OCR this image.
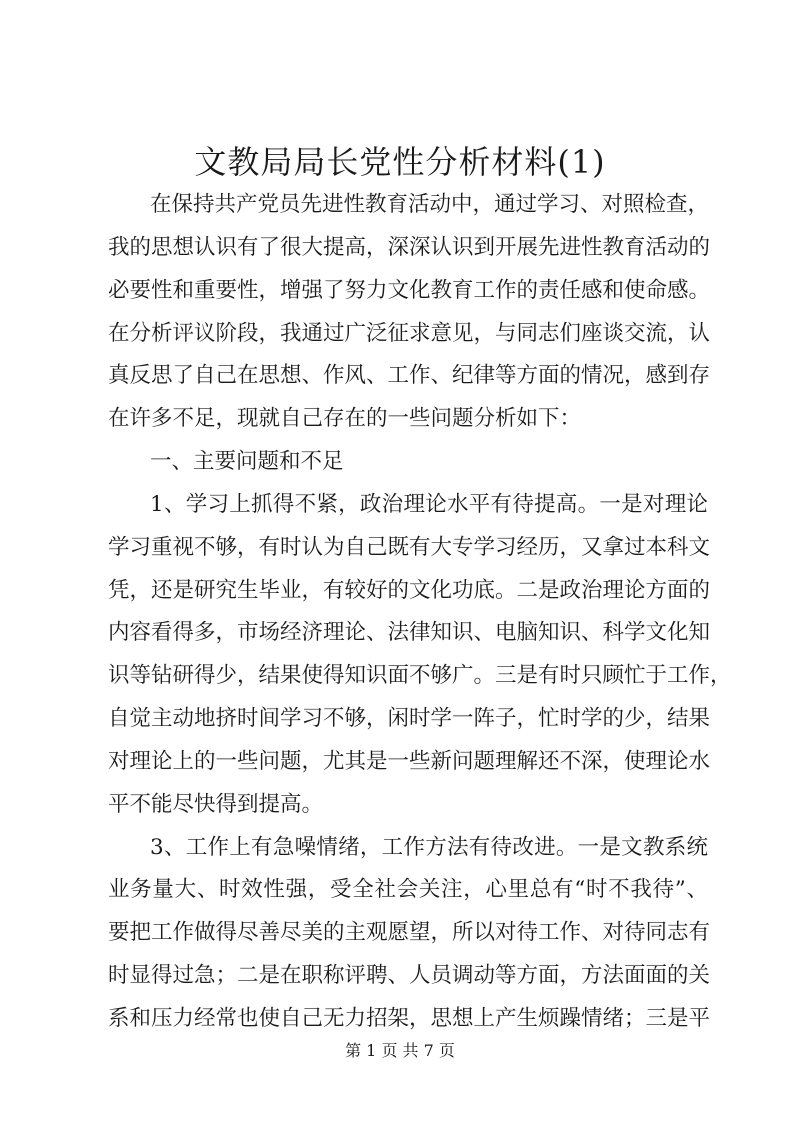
文教局局长党性分析材料(1)

在保持共产党员先进性教育活动中，通过学习、对照检查，

我的思想认识有了很大提高，深深认识到开展先进性教育活动的

必要性和重要性，增强了努力文化教育工作的责任感和使命感。

在分析评议阶段，我通过广泛征求意见，与同志们座谈交流，认

真反思了自己在思想、作风、工作、纪律等方面的情况，感到存

在许多不足，现就自己存在的一些问题分析如下：

一、主要问题和不足

1、学习上抓得不紧，政治理论水平有待提高。一是对理论

学习重视不够，有时认为自己既有大专学习经历，又拿过本科文

凭，还是研究生毕业，有较好的文化功底。二是政治理论方面的

内容看得多，市场经济理论、法律知识、电脑知识、科学文化知

识等钻研得少，结果使得知识面不够广。三是有时只顾忙于工作，

自觉主动地挤时间学习不够，闲时学一阵子，忙时学的少，结果

对理论上的一些问题，尤其是一些新问题理解还不深，使理论水

平不能尽快得到提高。

3、工作上有急噪情绪，工作方法有待改进。一是文教系统

业务量大、时效性强，受全社会关注，心里总有“时不我待”、

要把工作做得尽善尽美的主观愿望，所以对待工作、对待同志有

时显得过急；二是在职称评聘、人员调动等方面，方法面面的关

系和压力经常也使自己无力招架，思想上产生烦躁情绪；三是平

第 1 页 共 7 页
